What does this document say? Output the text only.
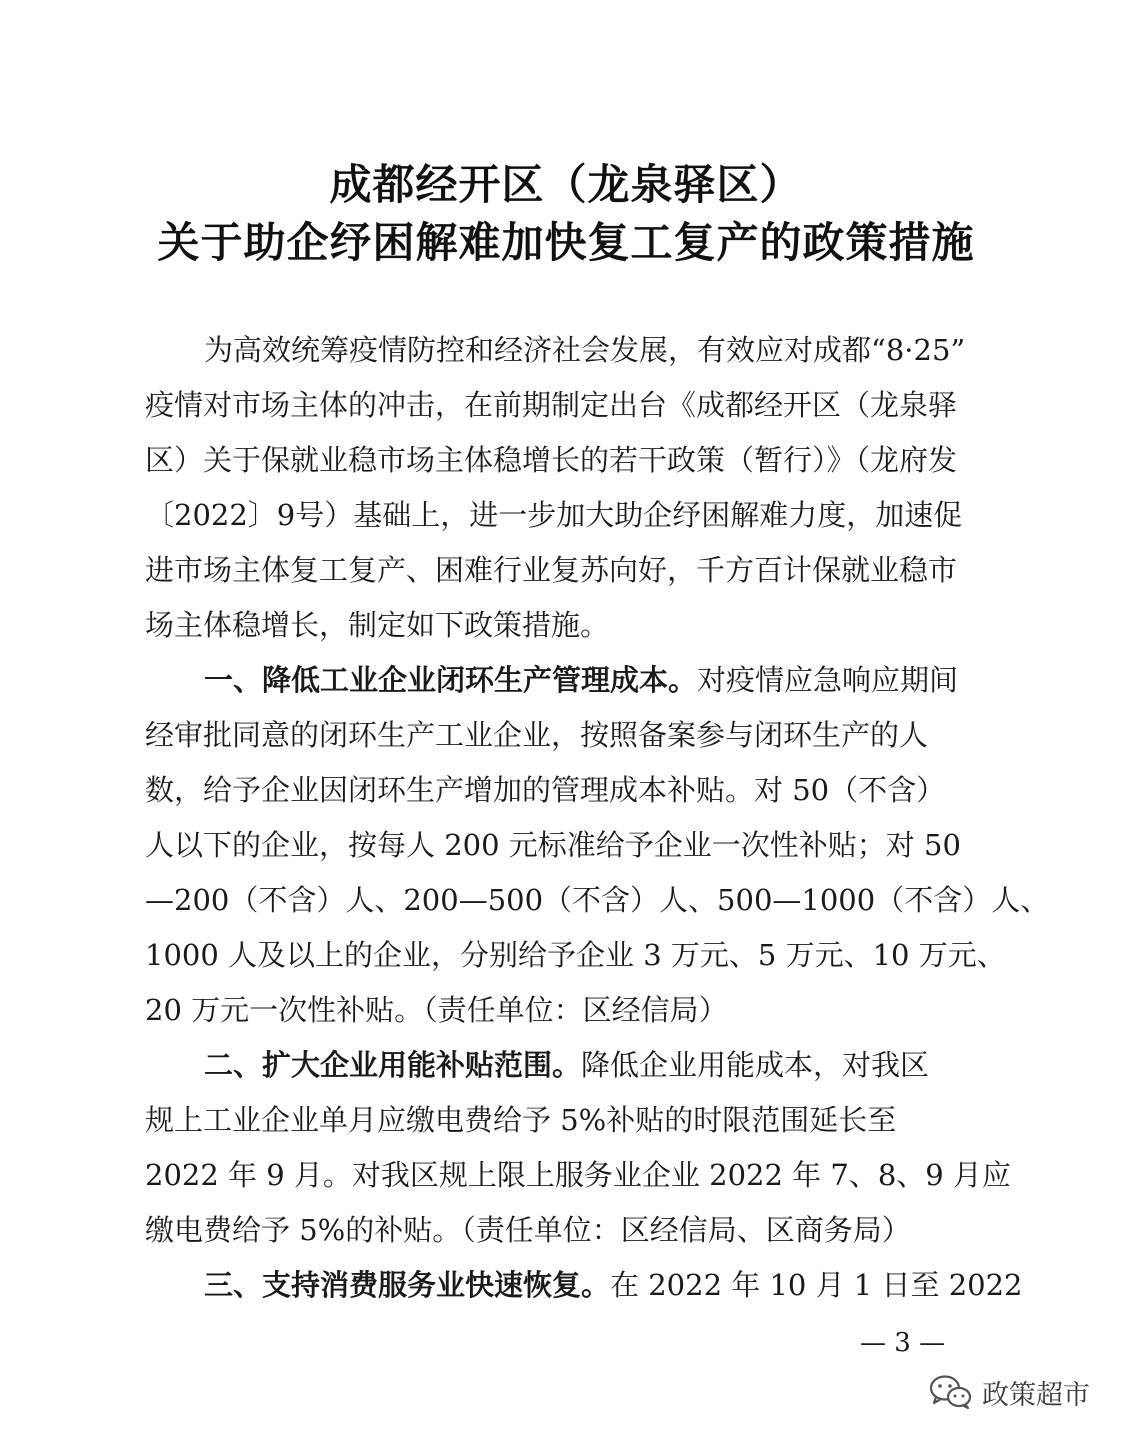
成都经开区（龙泉驿区）
关于助企纾困解难加快复工复产的政策措施
为高效统筹疫情防控和经济社会发展，有效应对成都“8·25”
疫情对市场主体的冲击，在前期制定出台《成都经开区（龙泉驿
区）关于保就业稳市场主体稳增长的若干政策（暂行）》（龙府发
〔2022〕9号）基础上，进一步加大助企纾困解难力度，加速促
进市场主体复工复产、困难行业复苏向好，千方百计保就业稳市
场主体稳增长，制定如下政策措施。
一、降低工业企业闭环生产管理成本。对疫情应急响应期间
经审批同意的闭环生产工业企业，按照备案参与闭环生产的人
数，给予企业因闭环生产增加的管理成本补贴。对 50（不含）
人以下的企业，按每人 200 元标准给予企业一次性补贴；对 50
—200（不含）人、200—500（不含）人、500—1000（不含）人、
1000 人及以上的企业，分别给予企业 3 万元、5 万元、10 万元、
20 万元一次性补贴。（责任单位：区经信局）
二、扩大企业用能补贴范围。降低企业用能成本，对我区
规上工业企业单月应缴电费给予 5%补贴的时限范围延长至
2022 年 9 月。对我区规上限上服务业企业 2022 年 7、8、9 月应
缴电费给予 5%的补贴。（责任单位：区经信局、区商务局）
三、支持消费服务业快速恢复。在 2022 年 10 月 1 日至 2022
— 3 —
政策超市
